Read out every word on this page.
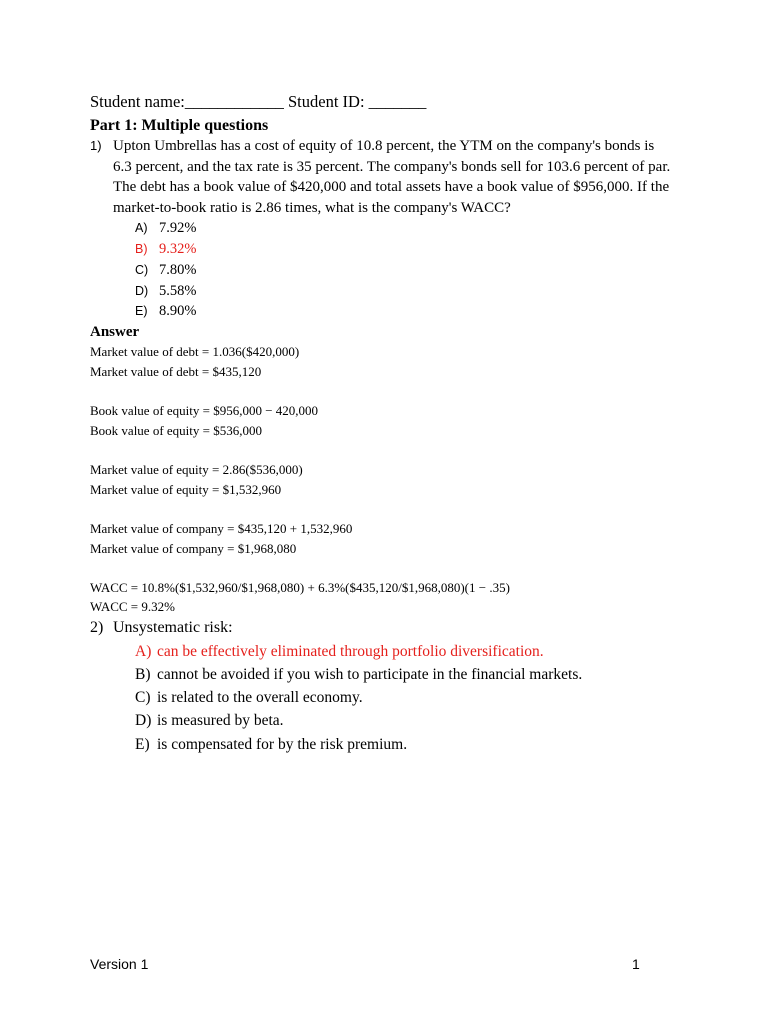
Student name:____________ Student ID: _______
Part 1: Multiple questions
1) Upton Umbrellas has a cost of equity of 10.8 percent, the YTM on the company's bonds is
6.3 percent, and the tax rate is 35 percent. The company's bonds sell for 103.6 percent of par.
The debt has a book value of $420,000 and total assets have a book value of $956,000. If the
market-to-book ratio is 2.86 times, what is the company's WACC?
A) 7.92%
B) 9.32%
C) 7.80%
D) 5.58%
E) 8.90%
Answer
Market value of debt = 1.036($420,000)
Market value of debt = $435,120
Book value of equity = $956,000 − 420,000
Book value of equity = $536,000
Market value of equity = 2.86($536,000)
Market value of equity = $1,532,960
Market value of company = $435,120 + 1,532,960
Market value of company = $1,968,080
WACC = 10.8%($1,532,960/$1,968,080) + 6.3%($435,120/$1,968,080)(1 − .35)
WACC = 9.32%
2) Unsystematic risk:
A) can be effectively eliminated through portfolio diversification.
B) cannot be avoided if you wish to participate in the financial markets.
C) is related to the overall economy.
D) is measured by beta.
E) is compensated for by the risk premium.
Version 1	1
